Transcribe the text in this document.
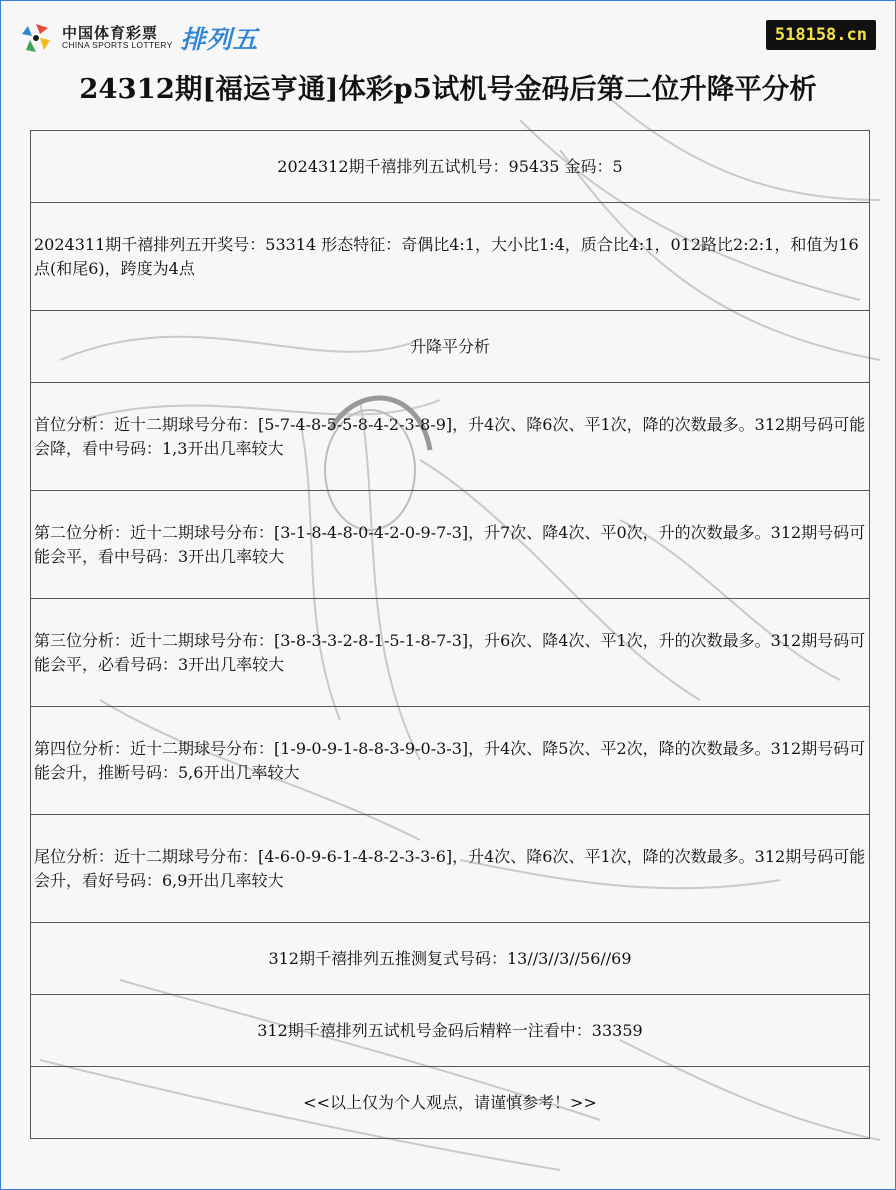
中国体育彩票
CHINA SPORTS LOTTERY 排列五	518158.cn
24312期[福运亨通]体彩p5试机号金码后第二位升降平分析
2024312期千禧排列五试机号：95435 金码：5
2024311期千禧排列五开奖号：53314 形态特征：奇偶比4:1，大小比1:4，质合比4:1，012路比2:2:1，和值为16点(和尾6)，跨度为4点
升降平分析
首位分析：近十二期球号分布：[5-7-4-8-5-5-8-4-2-3-8-9]，升4次、降6次、平1次，降的次数最多。312期号码可能会降，看中号码：1,3开出几率较大
第二位分析：近十二期球号分布：[3-1-8-4-8-0-4-2-0-9-7-3]，升7次、降4次、平0次，升的次数最多。312期号码可能会平，看中号码：3开出几率较大
第三位分析：近十二期球号分布：[3-8-3-3-2-8-1-5-1-8-7-3]，升6次、降4次、平1次，升的次数最多。312期号码可能会平，必看号码：3开出几率较大
第四位分析：近十二期球号分布：[1-9-0-9-1-8-8-3-9-0-3-3]，升4次、降5次、平2次，降的次数最多。312期号码可能会升，推断号码：5,6开出几率较大
尾位分析：近十二期球号分布：[4-6-0-9-6-1-4-8-2-3-3-6]，升4次、降6次、平1次，降的次数最多。312期号码可能会升，看好号码：6,9开出几率较大
312期千禧排列五推测复式号码：13//3//3//56//69
312期千禧排列五试机号金码后精粹一注看中：33359
<<以上仅为个人观点，请谨慎参考！>>
